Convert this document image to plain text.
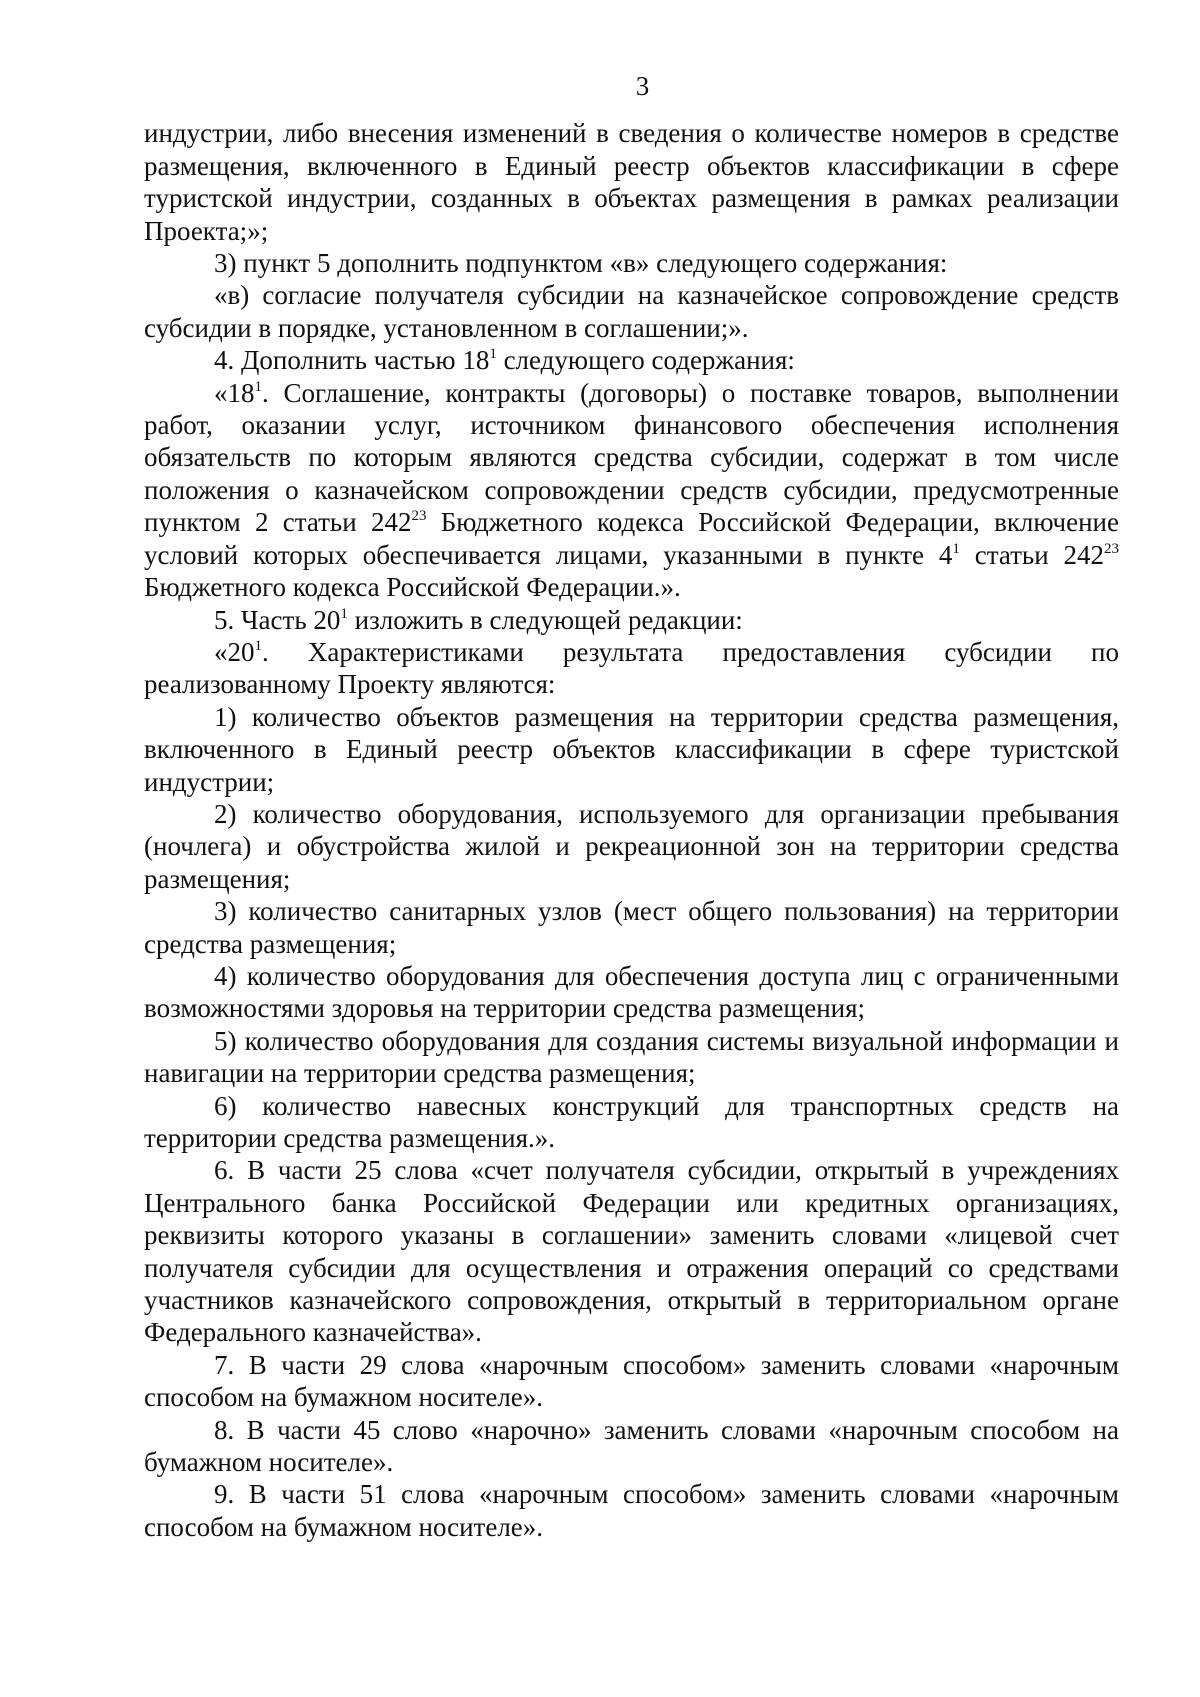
3

индустрии, либо внесения изменений в сведения о количестве номеров в средстве размещения, включенного в Единый реестр объектов классификации в сфере туристской индустрии, созданных в объектах размещения в рамках реализации Проекта;»;

3) пункт 5 дополнить подпунктом «в» следующего содержания:

«в) согласие получателя субсидии на казначейское сопровождение средств субсидии в порядке, установленном в соглашении;».

4. Дополнить частью $18^1$ следующего содержания:

«$18^1$. Соглашение, контракты (договоры) о поставке товаров, выполнении работ, оказании услуг, источником финансового обеспечения исполнения обязательств по которым являются средства субсидии, содержат в том числе положения о казначейском сопровождении средств субсидии, предусмотренные пунктом 2 статьи $242^{23}$ Бюджетного кодекса Российской Федерации, включение условий которых обеспечивается лицами, указанными в пункте $4^1$ статьи $242^{23}$ Бюджетного кодекса Российской Федерации.».

5. Часть $20^1$ изложить в следующей редакции:

«$20^1$. Характеристиками результата предоставления субсидии по реализованному Проекту являются:

1) количество объектов размещения на территории средства размещения, включенного в Единый реестр объектов классификации в сфере туристской индустрии;

2) количество оборудования, используемого для организации пребывания (ночлега) и обустройства жилой и рекреационной зон на территории средства размещения;

3) количество санитарных узлов (мест общего пользования) на территории средства размещения;

4) количество оборудования для обеспечения доступа лиц с ограниченными возможностями здоровья на территории средства размещения;

5) количество оборудования для создания системы визуальной информации и навигации на территории средства размещения;

6) количество навесных конструкций для транспортных средств на территории средства размещения.».

6. В части 25 слова «счет получателя субсидии, открытый в учреждениях Центрального банка Российской Федерации или кредитных организациях, реквизиты которого указаны в соглашении» заменить словами «лицевой счет получателя субсидии для осуществления и отражения операций со средствами участников казначейского сопровождения, открытый в территориальном органе Федерального казначейства».

7. В части 29 слова «нарочным способом» заменить словами «нарочным способом на бумажном носителе».

8. В части 45 слово «нарочно» заменить словами «нарочным способом на бумажном носителе».

9. В части 51 слова «нарочным способом» заменить словами «нарочным способом на бумажном носителе».
